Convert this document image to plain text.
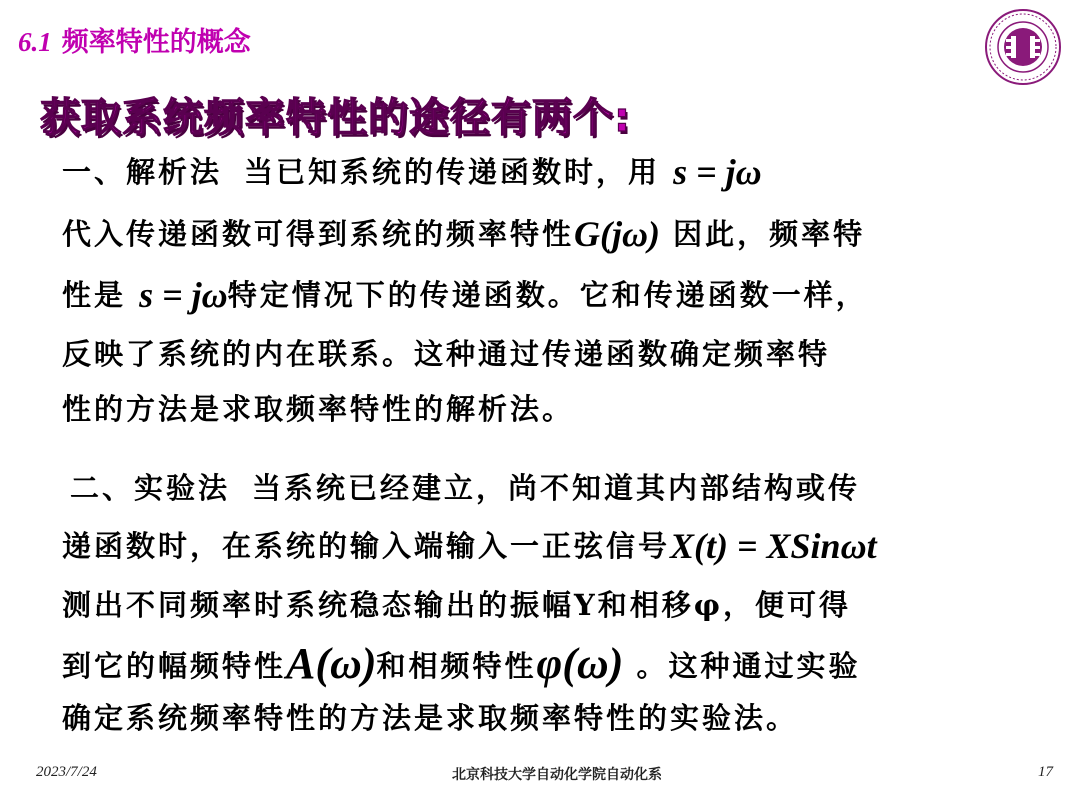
6.1 频率特性的概念
获取系统频率特性的途径有两个:
一、解析法 当已知系统的传递函数时，用 s = jω
代入传递函数可得到系统的频率特性G(jω) 因此，频率特
性是 s = jω特定情况下的传递函数。它和传递函数一样，
反映了系统的内在联系。这种通过传递函数确定频率特
性的方法是求取频率特性的解析法。
二、实验法 当系统已经建立，尚不知道其内部结构或传
递函数时，在系统的输入端输入一正弦信号X(t) = XSinωt
测出不同频率时系统稳态输出的振幅Y和相移φ，便可得
到它的幅频特性A(ω)和相频特性φ(ω) 。这种通过实验
确定系统频率特性的方法是求取频率特性的实验法。
2023/7/24	北京科技大学自动化学院自动化系	17
